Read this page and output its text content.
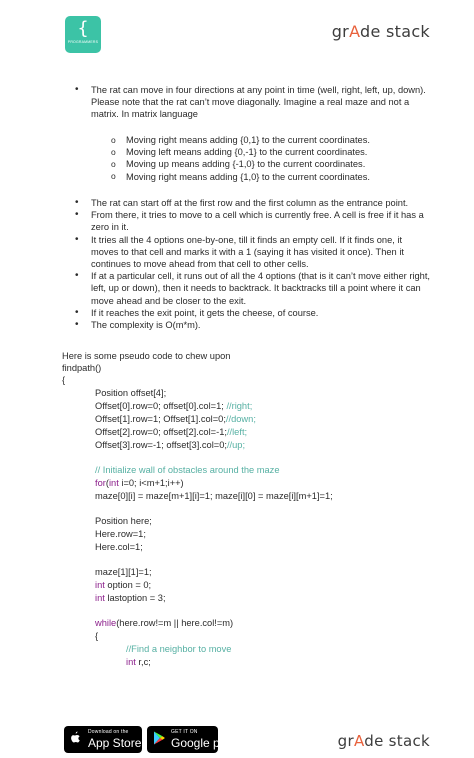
{
PROGRAMMERS
grAde stack

• The rat can move in four directions at any point in time (well, right, left, up, down). Please note that the rat can’t move diagonally. Imagine a real maze and not a matrix. In matrix language

o Moving right means adding {0,1} to the current coordinates.
o Moving left means adding {0,-1} to the current coordinates.
o Moving up means adding {-1,0} to the current coordinates.
o Moving right means adding {1,0} to the current coordinates.

• The rat can start off at the first row and the first column as the entrance point.

• From there, it tries to move to a cell which is currently free. A cell is free if it has a zero in it.

• It tries all the 4 options one-by-one, till it finds an empty cell. If it finds one, it moves to that cell and marks it with a 1 (saying it has visited it once). Then it continues to move ahead from that cell to other cells.

• If at a particular cell, it runs out of all the 4 options (that is it can’t move either right, left, up or down), then it needs to backtrack. It backtracks till a point where it can move ahead and be closer to the exit.

• If it reaches the exit point, it gets the cheese, of course.

• The complexity is O(m*m).

Here is some pseudo code to chew upon
findpath()
{
Position offset[4];
Offset[0].row=0; offset[0].col=1; //right;
Offset[1].row=1; Offset[1].col=0;//down;
Offset[2].row=0; offset[2].col=-1;//left;
Offset[3].row=-1; offset[3].col=0;//up;
// Initialize wall of obstacles around the maze
for(int i=0; i<m+1;i++)
maze[0][i] = maze[m+1][i]=1; maze[i][0] = maze[i][m+1]=1;
Position here;
Here.row=1;
Here.col=1;
maze[1][1]=1;
int option = 0;
int lastoption = 3;
while(here.row!=m || here.col!=m)
{
//Find a neighbor to move
int r,c;
Download on the
App Store
GET IT ON
Google play	grAde stack
